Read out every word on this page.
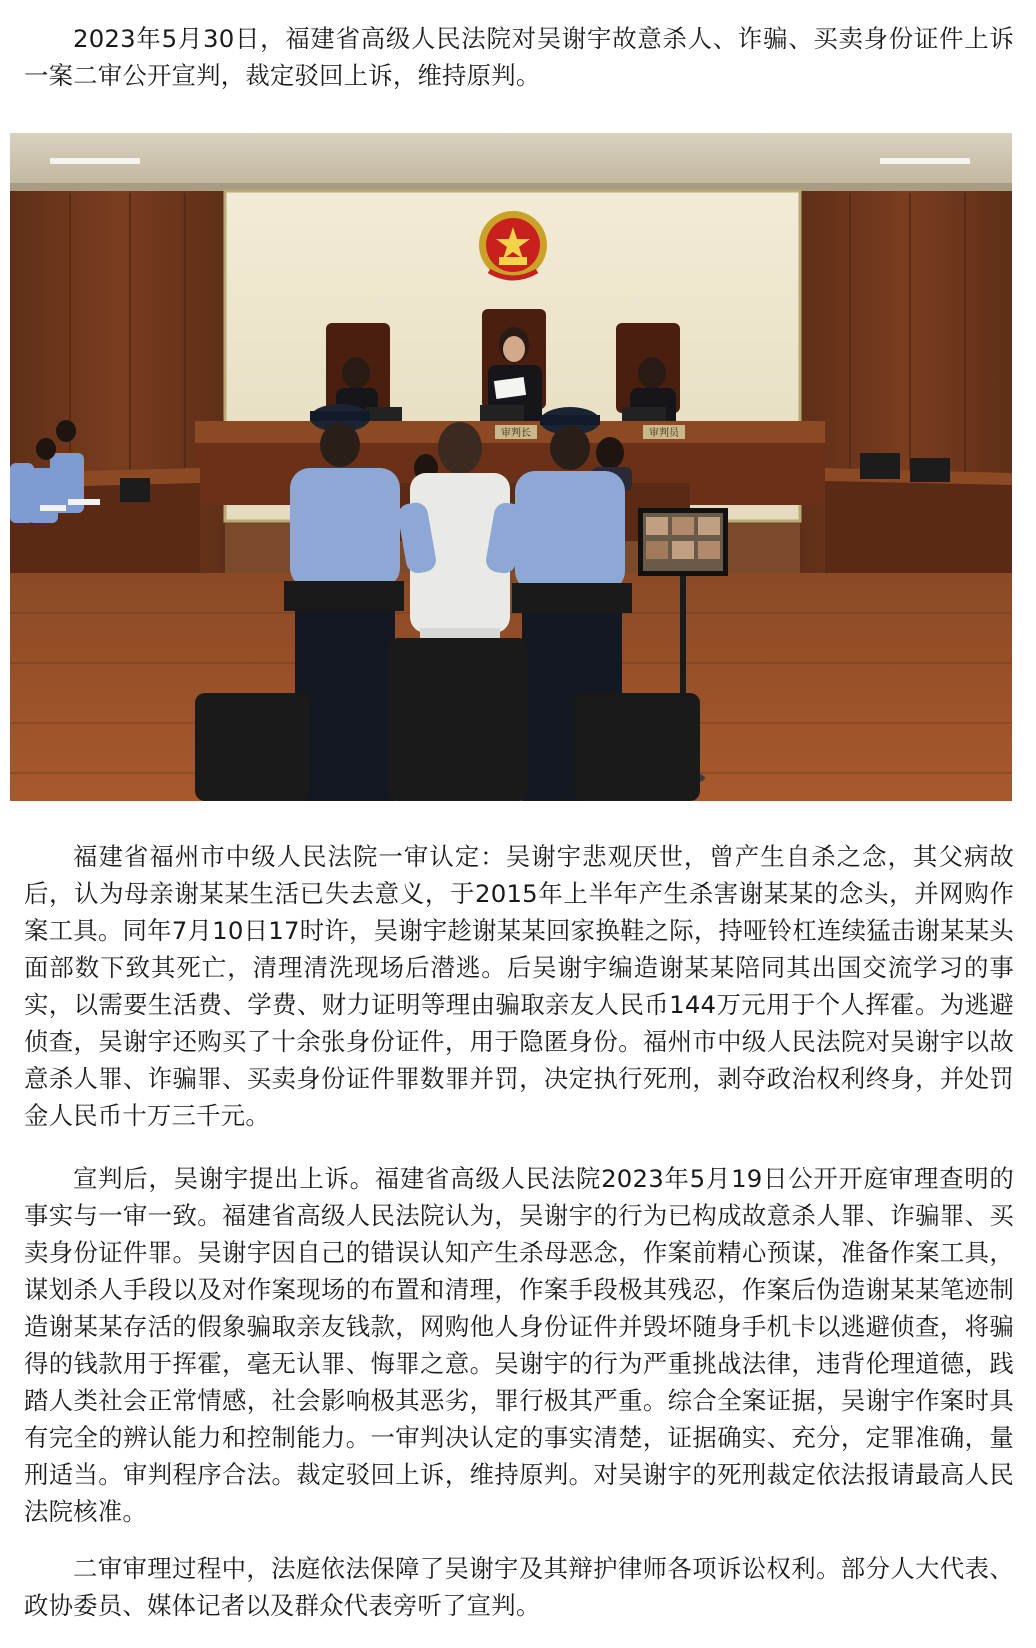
2023年5月30日，福建省高级人民法院对吴谢宇故意杀人、诈骗、买卖身份证件上诉一案二审公开宣判，裁定驳回上诉，维持原判。

审判长	审判员

福建省福州市中级人民法院一审认定：吴谢宇悲观厌世，曾产生自杀之念，其父病故后，认为母亲谢某某生活已失去意义，于2015年上半年产生杀害谢某某的念头，并网购作案工具。同年7月10日17时许，吴谢宇趁谢某某回家换鞋之际，持哑铃杠连续猛击谢某某头面部数下致其死亡，清理清洗现场后潜逃。后吴谢宇编造谢某某陪同其出国交流学习的事实，以需要生活费、学费、财力证明等理由骗取亲友人民币144万元用于个人挥霍。为逃避侦查，吴谢宇还购买了十余张身份证件，用于隐匿身份。福州市中级人民法院对吴谢宇以故意杀人罪、诈骗罪、买卖身份证件罪数罪并罚，决定执行死刑，剥夺政治权利终身，并处罚金人民币十万三千元。

宣判后，吴谢宇提出上诉。福建省高级人民法院2023年5月19日公开开庭审理查明的事实与一审一致。福建省高级人民法院认为，吴谢宇的行为已构成故意杀人罪、诈骗罪、买卖身份证件罪。吴谢宇因自己的错误认知产生杀母恶念，作案前精心预谋，准备作案工具，谋划杀人手段以及对作案现场的布置和清理，作案手段极其残忍，作案后伪造谢某某笔迹制造谢某某存活的假象骗取亲友钱款，网购他人身份证件并毁坏随身手机卡以逃避侦查，将骗得的钱款用于挥霍，毫无认罪、悔罪之意。吴谢宇的行为严重挑战法律，违背伦理道德，践踏人类社会正常情感，社会影响极其恶劣，罪行极其严重。综合全案证据，吴谢宇作案时具有完全的辨认能力和控制能力。一审判决认定的事实清楚，证据确实、充分，定罪准确，量刑适当。审判程序合法。裁定驳回上诉，维持原判。对吴谢宇的死刑裁定依法报请最高人民法院核准。

二审审理过程中，法庭依法保障了吴谢宇及其辩护律师各项诉讼权利。部分人大代表、政协委员、媒体记者以及群众代表旁听了宣判。
